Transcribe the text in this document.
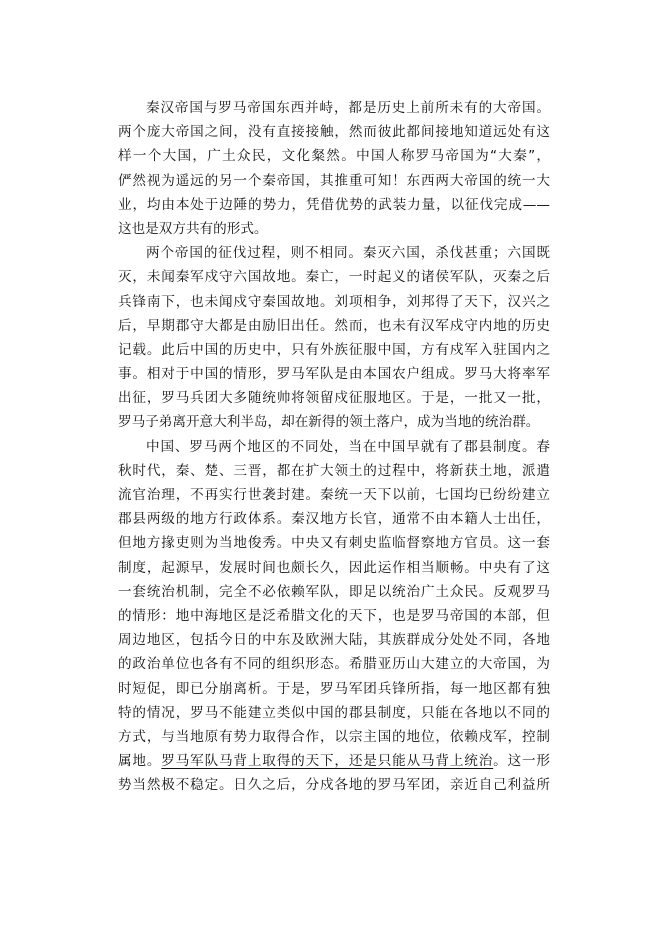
秦汉帝国与罗马帝国东西并峙，都是历史上前所未有的大帝国。
两个庞大帝国之间，没有直接接触，然而彼此都间接地知道远处有这
样一个大国，广土众民，文化粲然。中国人称罗马帝国为“大秦”，
俨然视为遥远的另一个秦帝国，其推重可知！东西两大帝国的统一大
业，均由本处于边陲的势力，凭借优势的武装力量，以征伐完成——
这也是双方共有的形式。
两个帝国的征伐过程，则不相同。秦灭六国，杀伐甚重；六国既
灭，未闻秦军戍守六国故地。秦亡，一时起义的诸侯军队，灭秦之后
兵锋南下，也未闻戍守秦国故地。刘项相争，刘邦得了天下，汉兴之
后，早期郡守大都是由励旧出任。然而，也未有汉军戍守内地的历史
记载。此后中国的历史中，只有外族征服中国，方有戍军入驻国内之
事。相对于中国的情形，罗马军队是由本国农户组成。罗马大将率军
出征，罗马兵团大多随统帅将领留戍征服地区。于是，一批又一批，
罗马子弟离开意大利半岛，却在新得的领土落户，成为当地的统治群。
中国、罗马两个地区的不同处，当在中国早就有了郡县制度。春
秋时代，秦、楚、三晋，都在扩大领土的过程中，将新获土地，派遣
流官治理，不再实行世袭封建。秦统一天下以前，七国均已纷纷建立
郡县两级的地方行政体系。秦汉地方长官，通常不由本籍人士出任，
但地方掾吏则为当地俊秀。中央又有刺史监临督察地方官员。这一套
制度，起源早，发展时间也颇长久，因此运作相当顺畅。中央有了这
一套统治机制，完全不必依赖军队，即足以统治广土众民。反观罗马
的情形：地中海地区是泛希腊文化的天下，也是罗马帝国的本部，但
周边地区，包括今日的中东及欧洲大陆，其族群成分处处不同，各地
的政治单位也各有不同的组织形态。希腊亚历山大建立的大帝国，为
时短促，即已分崩离析。于是，罗马军团兵锋所指，每一地区都有独
特的情况，罗马不能建立类似中国的郡县制度，只能在各地以不同的
方式，与当地原有势力取得合作，以宗主国的地位，依赖戍军，控制
属地。罗马军队马背上取得的天下，还是只能从马背上统治。这一形
势当然极不稳定。日久之后，分戍各地的罗马军团，亲近自己利益所
